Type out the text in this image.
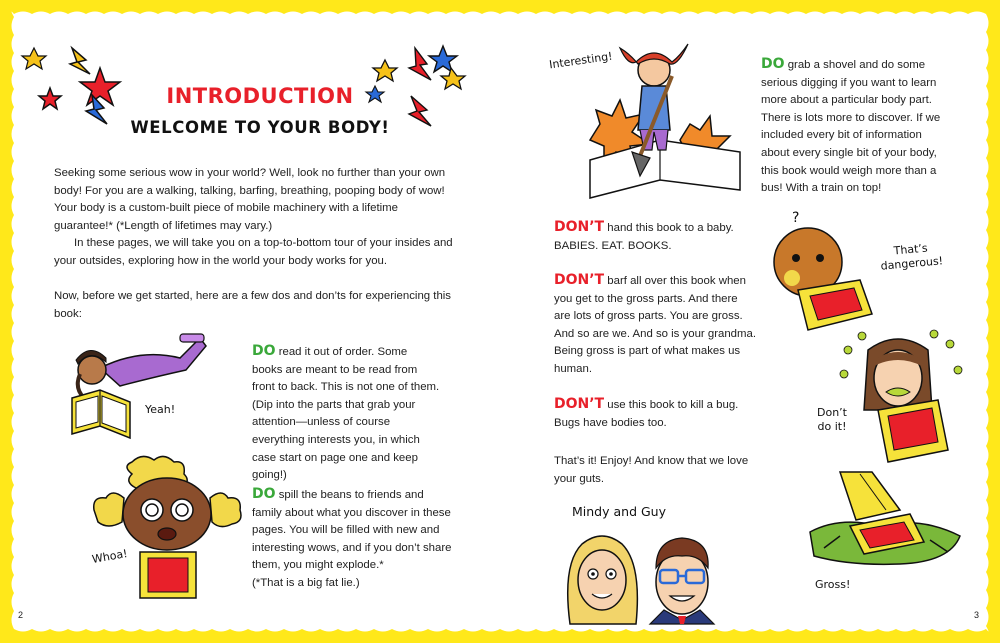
INTRODUCTION
WELCOME TO YOUR BODY!

Seeking some serious wow in your world? Well, look no further than your own body! For you are a walking, talking, barfing, breathing, pooping body of wow! Your body is a custom-built piece of mobile machinery with a lifetime guarantee!* (*Length of lifetimes may vary.)

In these pages, we will take you on a top-to-bottom tour of your insides and your outsides, exploring how in the world your body works for you.

Now, before we get started, here are a few dos and don’ts for experiencing this book:

DO read it out of order. Some books are meant to be read from front to back. This is not one of them. (Dip into the parts that grab your attention—unless of course everything interests you, in which case start on page one and keep going!)
DO spill the beans to friends and family about what you discover in these pages. You will be filled with new and interesting wows, and if you don’t share them, you might explode.*
(*That is a big fat lie.)
Yeah!
Whoa!
2
Interesting!	DO grab a shovel and do some serious digging if you want to learn more about a particular body part. There is lots more to discover. If we included every bit of information about every single bit of your body, this book would weigh more than a bus! With a train on top!
DON’T hand this book to a baby. BABIES. EAT. BOOKS.
DON’T barf all over this book when you get to the gross parts. And there are lots of gross parts. You are gross. And so are we. And so is your grandma. Being gross is part of what makes us human.
DON’T use this book to kill a bug. Bugs have bodies too.
That’s it! Enjoy! And know that we love your guts.
Mindy and Guy
?
That’s
dangerous!
Don’t
do it!
Gross!
3
